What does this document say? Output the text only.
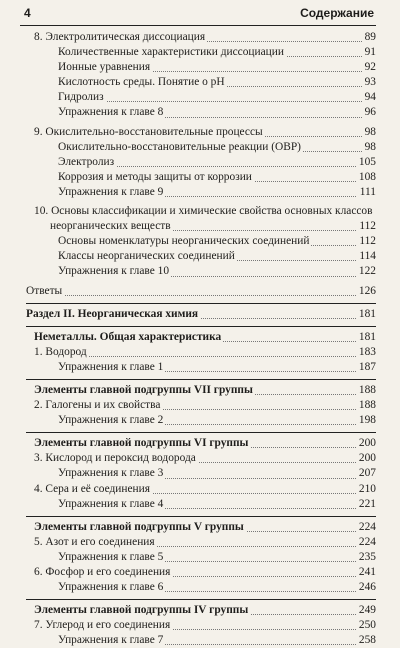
4	Содержание
8. Электролитическая диссоциация	89
Количественные характеристики диссоциации	91
Ионные уравнения	92
Кислотность среды. Понятие о pH	93
Гидролиз	94
Упражнения к главе 8	96
9. Окислительно-восстановительные процессы	98
Окислительно-восстановительные реакции (ОВР)	98
Электролиз	105
Коррозия и методы защиты от коррозии	108
Упражнения к главе 9	111
10. Основы классификации и химические свойства основных классов
неорганических веществ	112
Основы номенклатуры неорганических соединений	112
Классы неорганических соединений	114
Упражнения к главе 10	122
Ответы	126
Раздел II. Неорганическая химия	181
Неметаллы. Общая характеристика	181
1. Водород	183
Упражнения к главе 1	187
Элементы главной подгруппы VII группы	188
2. Галогены и их свойства	188
Упражнения к главе 2	198
Элементы главной подгруппы VI группы	200
3. Кислород и пероксид водорода	200
Упражнения к главе 3	207
4. Сера и её соединения	210
Упражнения к главе 4	221
Элементы главной подгруппы V группы	224
5. Азот и его соединения	224
Упражнения к главе 5	235
6. Фосфор и его соединения	241
Упражнения к главе 6	246
Элементы главной подгруппы IV группы	249
7. Углерод и его соединения	250
Упражнения к главе 7	258
